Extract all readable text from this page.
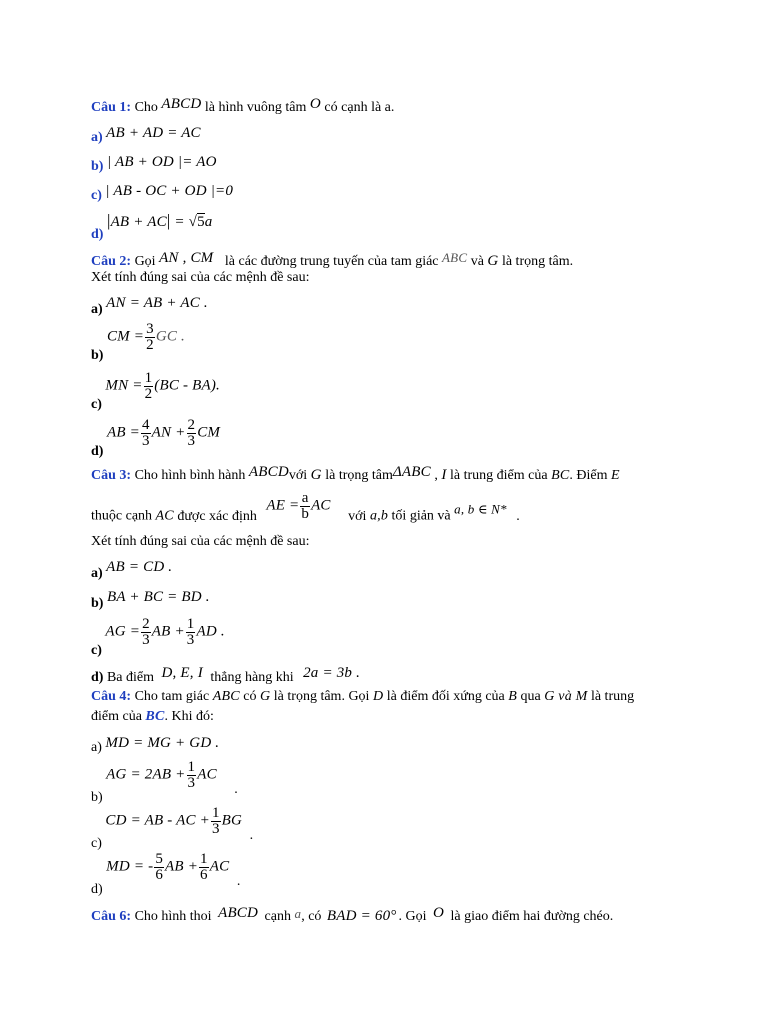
Câu 1: Cho ABCD là hình vuông tâm O có cạnh là a.
a) AB + AD = AC
b) | AB + OD |= AO
c) | AB - OC + OD |=0
d) |AB + AC| = √5a
Câu 2: Gọi AN , CM là các đường trung tuyến của tam giác ABC và G là trọng tâm.
Xét tính đúng sai của các mệnh đề sau:
a) AN = AB + AC .
b) CM = $\frac{3}{2}$ GC .
c) MN = $\frac{1}{2} (BC - BA)$.
d) AB = $\frac{4}{3}$ AN + $\frac{2}{3}$ CM
Câu 3: Cho hình bình hành ABCDvới G là trọng tâmΔABC , I là trung điểm của BC. Điểm E
thuộc cạnh AC được xác định AE = $\frac{a}{b}$ AC với a,b tối giản và a, b ∈ N* .
Xét tính đúng sai của các mệnh đề sau:
a) AB = CD .
b) BA + BC = BD .
c) AG = $\frac{2}{3}$ AB + $\frac{1}{3}$ AD .
d) Ba điểm D, E, I thẳng hàng khi 2a = 3b .
Câu 4: Cho tam giác ABC có G là trọng tâm. Gọi D là điểm đối xứng của B qua G và M là trung
điểm của BC. Khi đó:
a) MD = MG + GD .
b) AG = $2AB + \frac{1}{3}$ AC .
c) CD = AB - AC + $\frac{1}{3}$ BG .
d) MD = - $\frac{5}{6}$ AB + $\frac{1}{6}$ AC .
Câu 6: Cho hình thoi ABCD cạnh a, có BAD = 60° . Gọi O là giao điểm hai đường chéo.
